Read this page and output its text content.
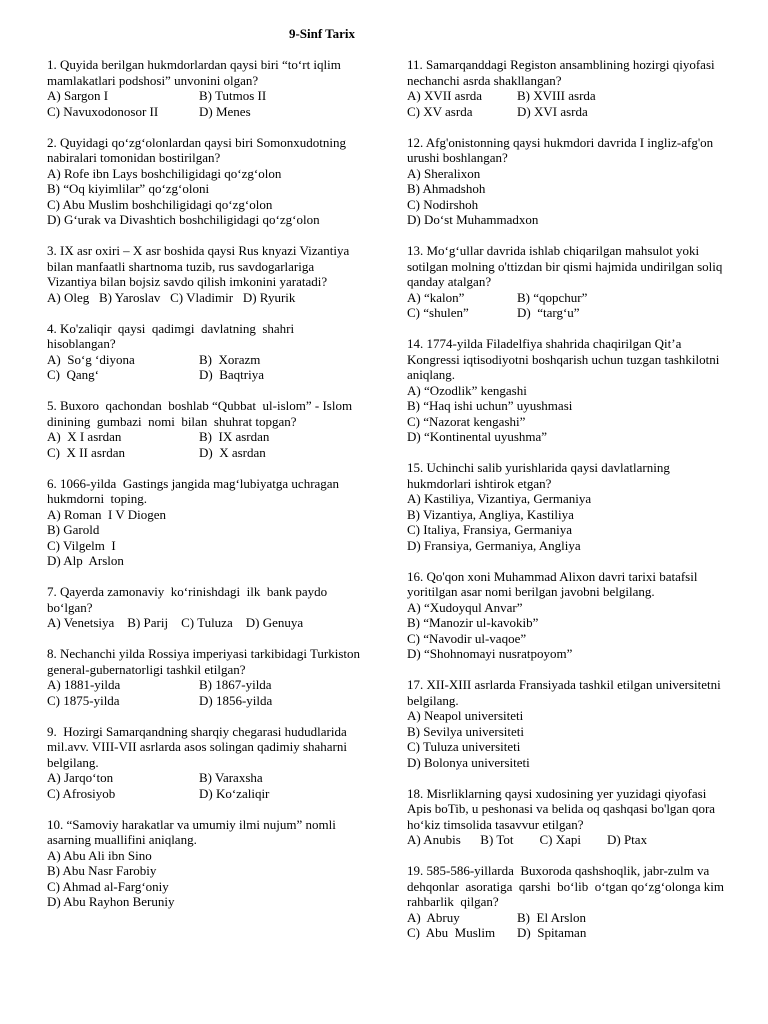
9-Sinf Tarix
1. Quyida berilgan hukmdorlardan qaysi biri “to‘rt iqlim mamlakatlari podshosi” unvonini olgan?
A) Sargon I	B) Tutmos II
C) Navuxodonosor II	D) Menes
2. Quyidagi qo‘zg‘olonlardan qaysi biri Somonxudotning nabiralari tomonidan bostirilgan?
A) Rofe ibn Lays boshchiligidagi qo‘zg‘olon
B) “Oq kiyimlilar” qo‘zg‘oloni
C) Abu Muslim boshchiligidagi qo‘zg‘olon
D) G‘urak va Divashtich boshchiligidagi qo‘zg‘olon
3. IX asr oxiri – X asr boshida qaysi Rus knyazi Vizantiya bilan manfaatli shartnoma tuzib, rus savdogarlariga Vizantiya bilan bojsiz savdo qilish imkonini yaratadi?
A) Oleg   B) Yaroslav   C) Vladimir   D) Ryurik
4. Ko'zaliqir  qaysi  qadimgi  davlatning  shahri hisoblangan?
A)  So‘g ‘diyona	B)  Xorazm
C)  Qang‘	D)  Baqtriya
5. Buxoro  qachondan  boshlab “Qubbat  ul-islom” - Islom  dinining  gumbazi  nomi  bilan  shuhrat topgan?
A)  X I asrdan	B)  IX asrdan
C)  X II asrdan	D)  X asrdan
6. 1066-yilda  Gastings jangida mag‘lubiyatga uchragan  hukmdorni  toping.
A) Roman  I V Diogen
B) Garold
C) Vilgelm  I
D) Alp  Arslon
7. Qayerda zamonaviy  ko‘rinishdagi  ilk  bank paydo bo‘lgan?
A) Venetsiya    B) Parij    C) Tuluza    D) Genuya
8. Nechanchi yilda Rossiya imperiyasi tarkibidagi Turkiston general-gubernatorligi tashkil etilgan?
A) 1881-yilda	B) 1867-yilda
C) 1875-yilda	D) 1856-yilda
9.  Hozirgi Samarqandning sharqiy chegarasi hududlarida mil.avv. VIII-VII asrlarda asos solingan qadimiy shaharni belgilang.
A) Jarqo‘ton	B) Varaxsha
C) Afrosiyob	D) Ko‘zaliqir
10. “Samoviy harakatlar va umumiy ilmi nujum” nomli asarning muallifini aniqlang.
A) Abu Ali ibn Sino
B) Abu Nasr Farobiy
C) Ahmad al-Farg‘oniy
D) Abu Rayhon Beruniy
11. Samarqanddagi Registon ansamblining hozirgi qiyofasi nechanchi asrda shakllangan?
A) XVII asrda	B) XVIII asrda
C) XV asrda	D) XVI asrda
12. Afg'onistonning qaysi hukmdori davrida I ingliz-afg'on urushi boshlangan?
A) Sheralixon
B) Ahmadshoh
C) Nodirshoh
D) Do‘st Muhammadxon
13. Mo‘g‘ullar davrida ishlab chiqarilgan mahsulot yoki sotilgan molning o'ttizdan bir qismi hajmida undirilgan soliq qanday atalgan?
A) “kalon”	B) “qopchur”
C) “shulen”	D)  “targ‘u”
14. 1774-yilda Filadelfiya shahrida chaqirilgan Qit’a Kongressi iqtisodiyotni boshqarish uchun tuzgan tashkilotni aniqlang.
A) “Ozodlik” kengashi
B) “Haq ishi uchun” uyushmasi
C) “Nazorat kengashi”
D) “Kontinental uyushma”
15. Uchinchi salib yurishlarida qaysi davlatlarning hukmdorlari ishtirok etgan?
A) Kastiliya, Vizantiya, Germaniya
B) Vizantiya, Angliya, Kastiliya
C) Italiya, Fransiya, Germaniya
D) Fransiya, Germaniya, Angliya
16. Qo'qon xoni Muhammad Alixon davri tarixi batafsil yoritilgan asar nomi berilgan javobni belgilang.
A) “Xudoyqul Anvar”
B) “Manozir ul-kavokib”
C) “Navodir ul-vaqoe”
D) “Shohnomayi nusratpoyom”
17. XII-XIII asrlarda Fransiyada tashkil etilgan universitetni belgilang.
A) Neapol universiteti
B) Sevilya universiteti
C) Tuluza universiteti
D) Bolonya universiteti
18. Misrliklarning qaysi xudosining yer yuzidagi qiyofasi Apis boTib, u peshonasi va belida oq qashqasi bo'lgan qora ho‘kiz timsolida tasavvur etilgan?
A) Anubis      B) Tot        C) Xapi        D) Ptax
19. 585-586-yillarda  Buxoroda qashshoqlik, jabr-zulm va dehqonlar  asoratiga  qarshi  bo‘lib  o‘tgan qo‘zg‘olonga kim rahbarlik  qilgan?
A)  Abruy	B)  El Arslon
C)  Abu  Muslim	D)  Spitaman
